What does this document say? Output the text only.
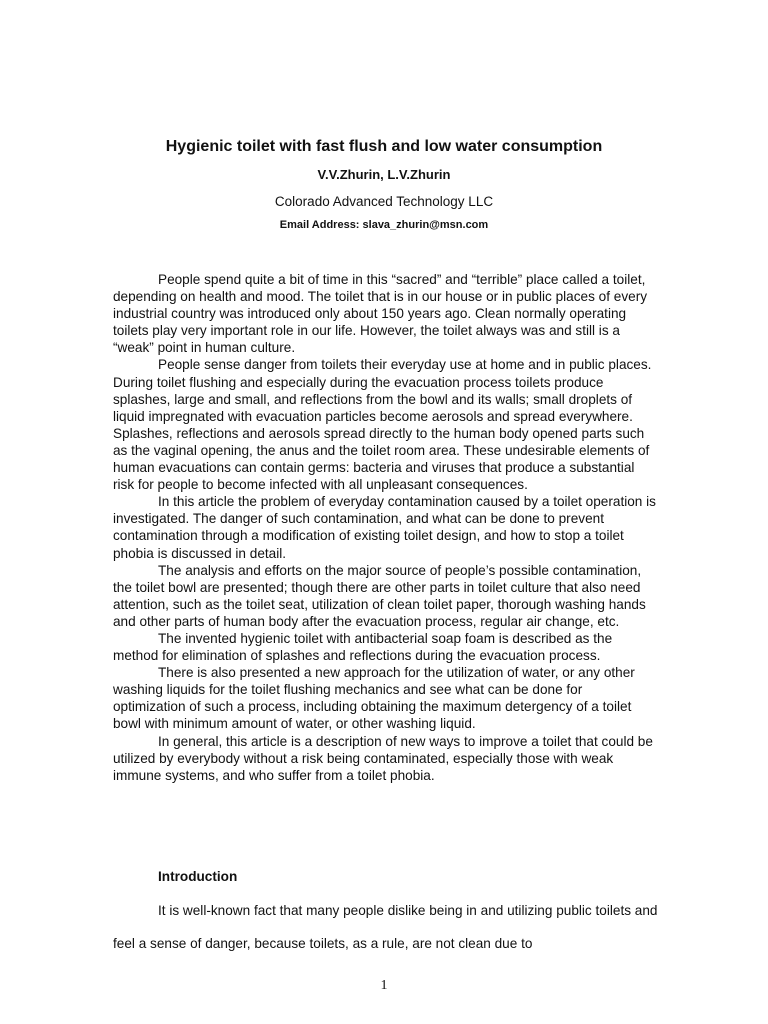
Hygienic toilet with fast flush and low water consumption
V.V.Zhurin, L.V.Zhurin
Colorado Advanced Technology LLC
Email Address: slava_zhurin@msn.com

People spend quite a bit of time in this “sacred” and “terrible” place called a toilet, depending on health and mood. The toilet that is in our house or in public places of every industrial country was introduced only about 150 years ago. Clean normally operating toilets play very important role in our life. However, the toilet always was and still is a “weak” point in human culture.

People sense danger from toilets their everyday use at home and in public places. During toilet flushing and especially during the evacuation process toilets produce splashes, large and small, and reflections from the bowl and its walls; small droplets of liquid impregnated with evacuation particles become aerosols and spread everywhere. Splashes, reflections and aerosols spread directly to the human body opened parts such as the vaginal opening, the anus and the toilet room area. These undesirable elements of human evacuations can contain germs: bacteria and viruses that produce a substantial risk for people to become infected with all unpleasant consequences.

In this article the problem of everyday contamination caused by a toilet operation is investigated. The danger of such contamination, and what can be done to prevent contamination through a modification of existing toilet design, and how to stop a toilet phobia is discussed in detail.

The analysis and efforts on the major source of people’s possible contamination, the toilet bowl are presented; though there are other parts in toilet culture that also need attention, such as the toilet seat, utilization of clean toilet paper, thorough washing hands and other parts of human body after the evacuation process, regular air change, etc.

The invented hygienic toilet with antibacterial soap foam is described as the method for elimination of splashes and reflections during the evacuation process.

There is also presented a new approach for the utilization of water, or any other washing liquids for the toilet flushing mechanics and see what can be done for optimization of such a process, including obtaining the maximum detergency of a toilet bowl with minimum amount of water, or other washing liquid.

In general, this article is a description of new ways to improve a toilet that could be utilized by everybody without a risk being contaminated, especially those with weak immune systems, and who suffer from a toilet phobia.

Introduction

It is well-known fact that many people dislike being in and utilizing public toilets and feel a sense of danger, because toilets, as a rule, are not clean due to

1
